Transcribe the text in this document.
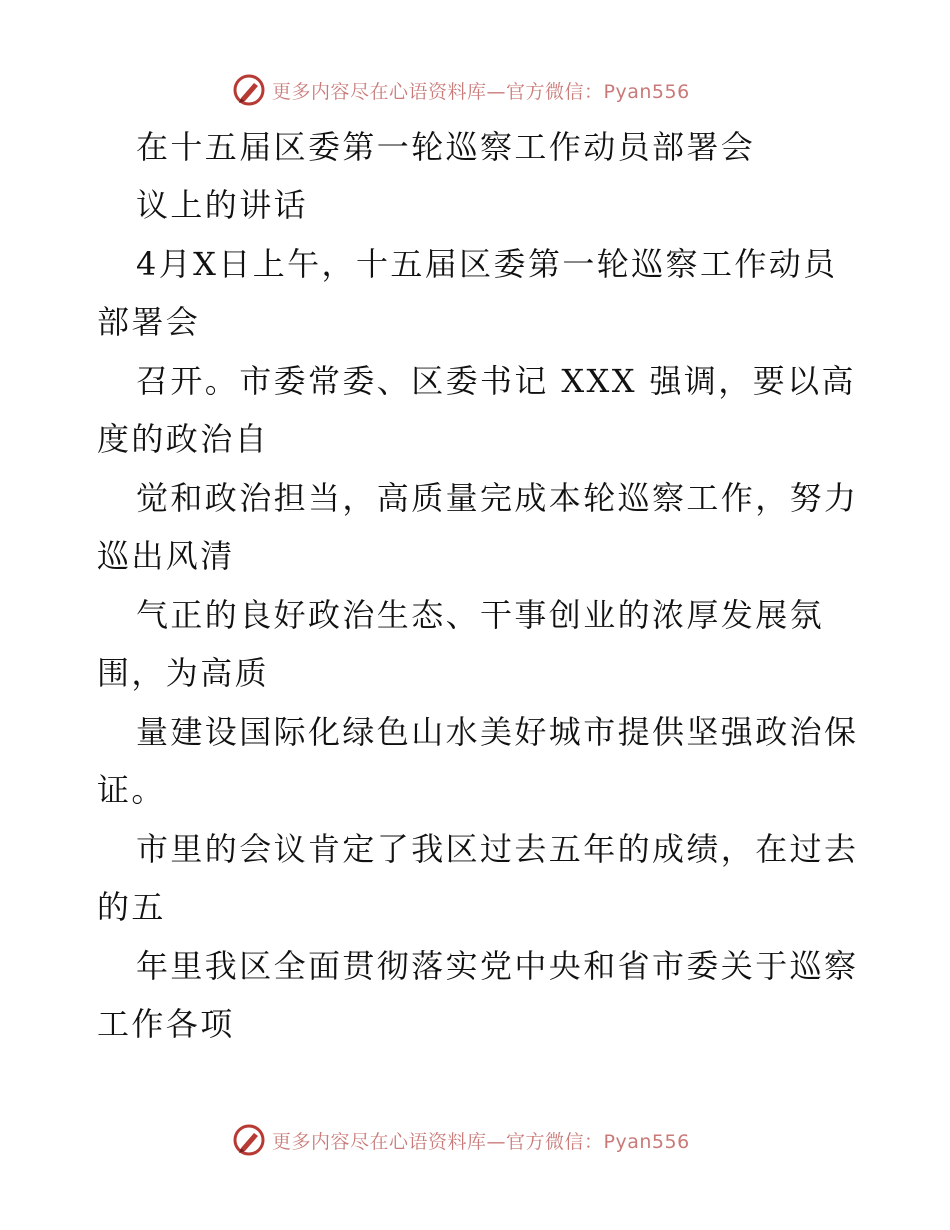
更多内容尽在心语资料库—官方微信：Pyan556
在十五届区委第一轮巡察工作动员部署会
议上的讲话
4月X日上午，十五届区委第一轮巡察工作动员
部署会
召开。市委常委、区委书记 XXX 强调，要以高
度的政治自
觉和政治担当，高质量完成本轮巡察工作，努力
巡出风清
气正的良好政治生态、干事创业的浓厚发展氛
围，为高质
量建设国际化绿色山水美好城市提供坚强政治保
证。
市里的会议肯定了我区过去五年的成绩，在过去
的五
年里我区全面贯彻落实党中央和省市委关于巡察
工作各项
更多内容尽在心语资料库—官方微信：Pyan556
